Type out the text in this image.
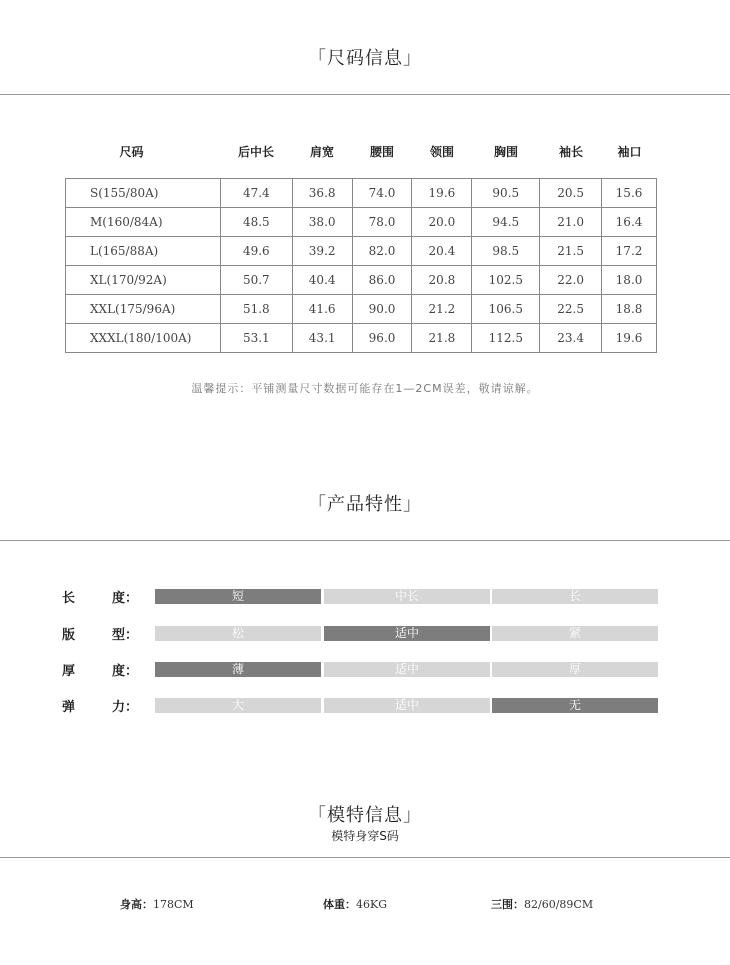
「尺码信息」
尺码	后中长	肩宽	腰围	领围	胸围	袖长	袖口
S(155/80A)	47.4	36.8	74.0	19.6	90.5	20.5	15.6
M(160/84A)	48.5	38.0	78.0	20.0	94.5	21.0	16.4
L(165/88A)	49.6	39.2	82.0	20.4	98.5	21.5	17.2
XL(170/92A)	50.7	40.4	86.0	20.8	102.5	22.0	18.0
XXL(175/96A)	51.8	41.6	90.0	21.2	106.5	22.5	18.8
XXXL(180/100A)	53.1	43.1	96.0	21.8	112.5	23.4	19.6
温馨提示：平铺测量尺寸数据可能存在1—2CM误差，敬请谅解。
「产品特性」
长	度：	短	中长	长
版	型：	松	适中	紧
厚	度：	薄	适中	厚
弹	力：	大	适中	无
「模特信息」
模特身穿S码
身高：178CM	体重：46KG	三围：82/60/89CM
